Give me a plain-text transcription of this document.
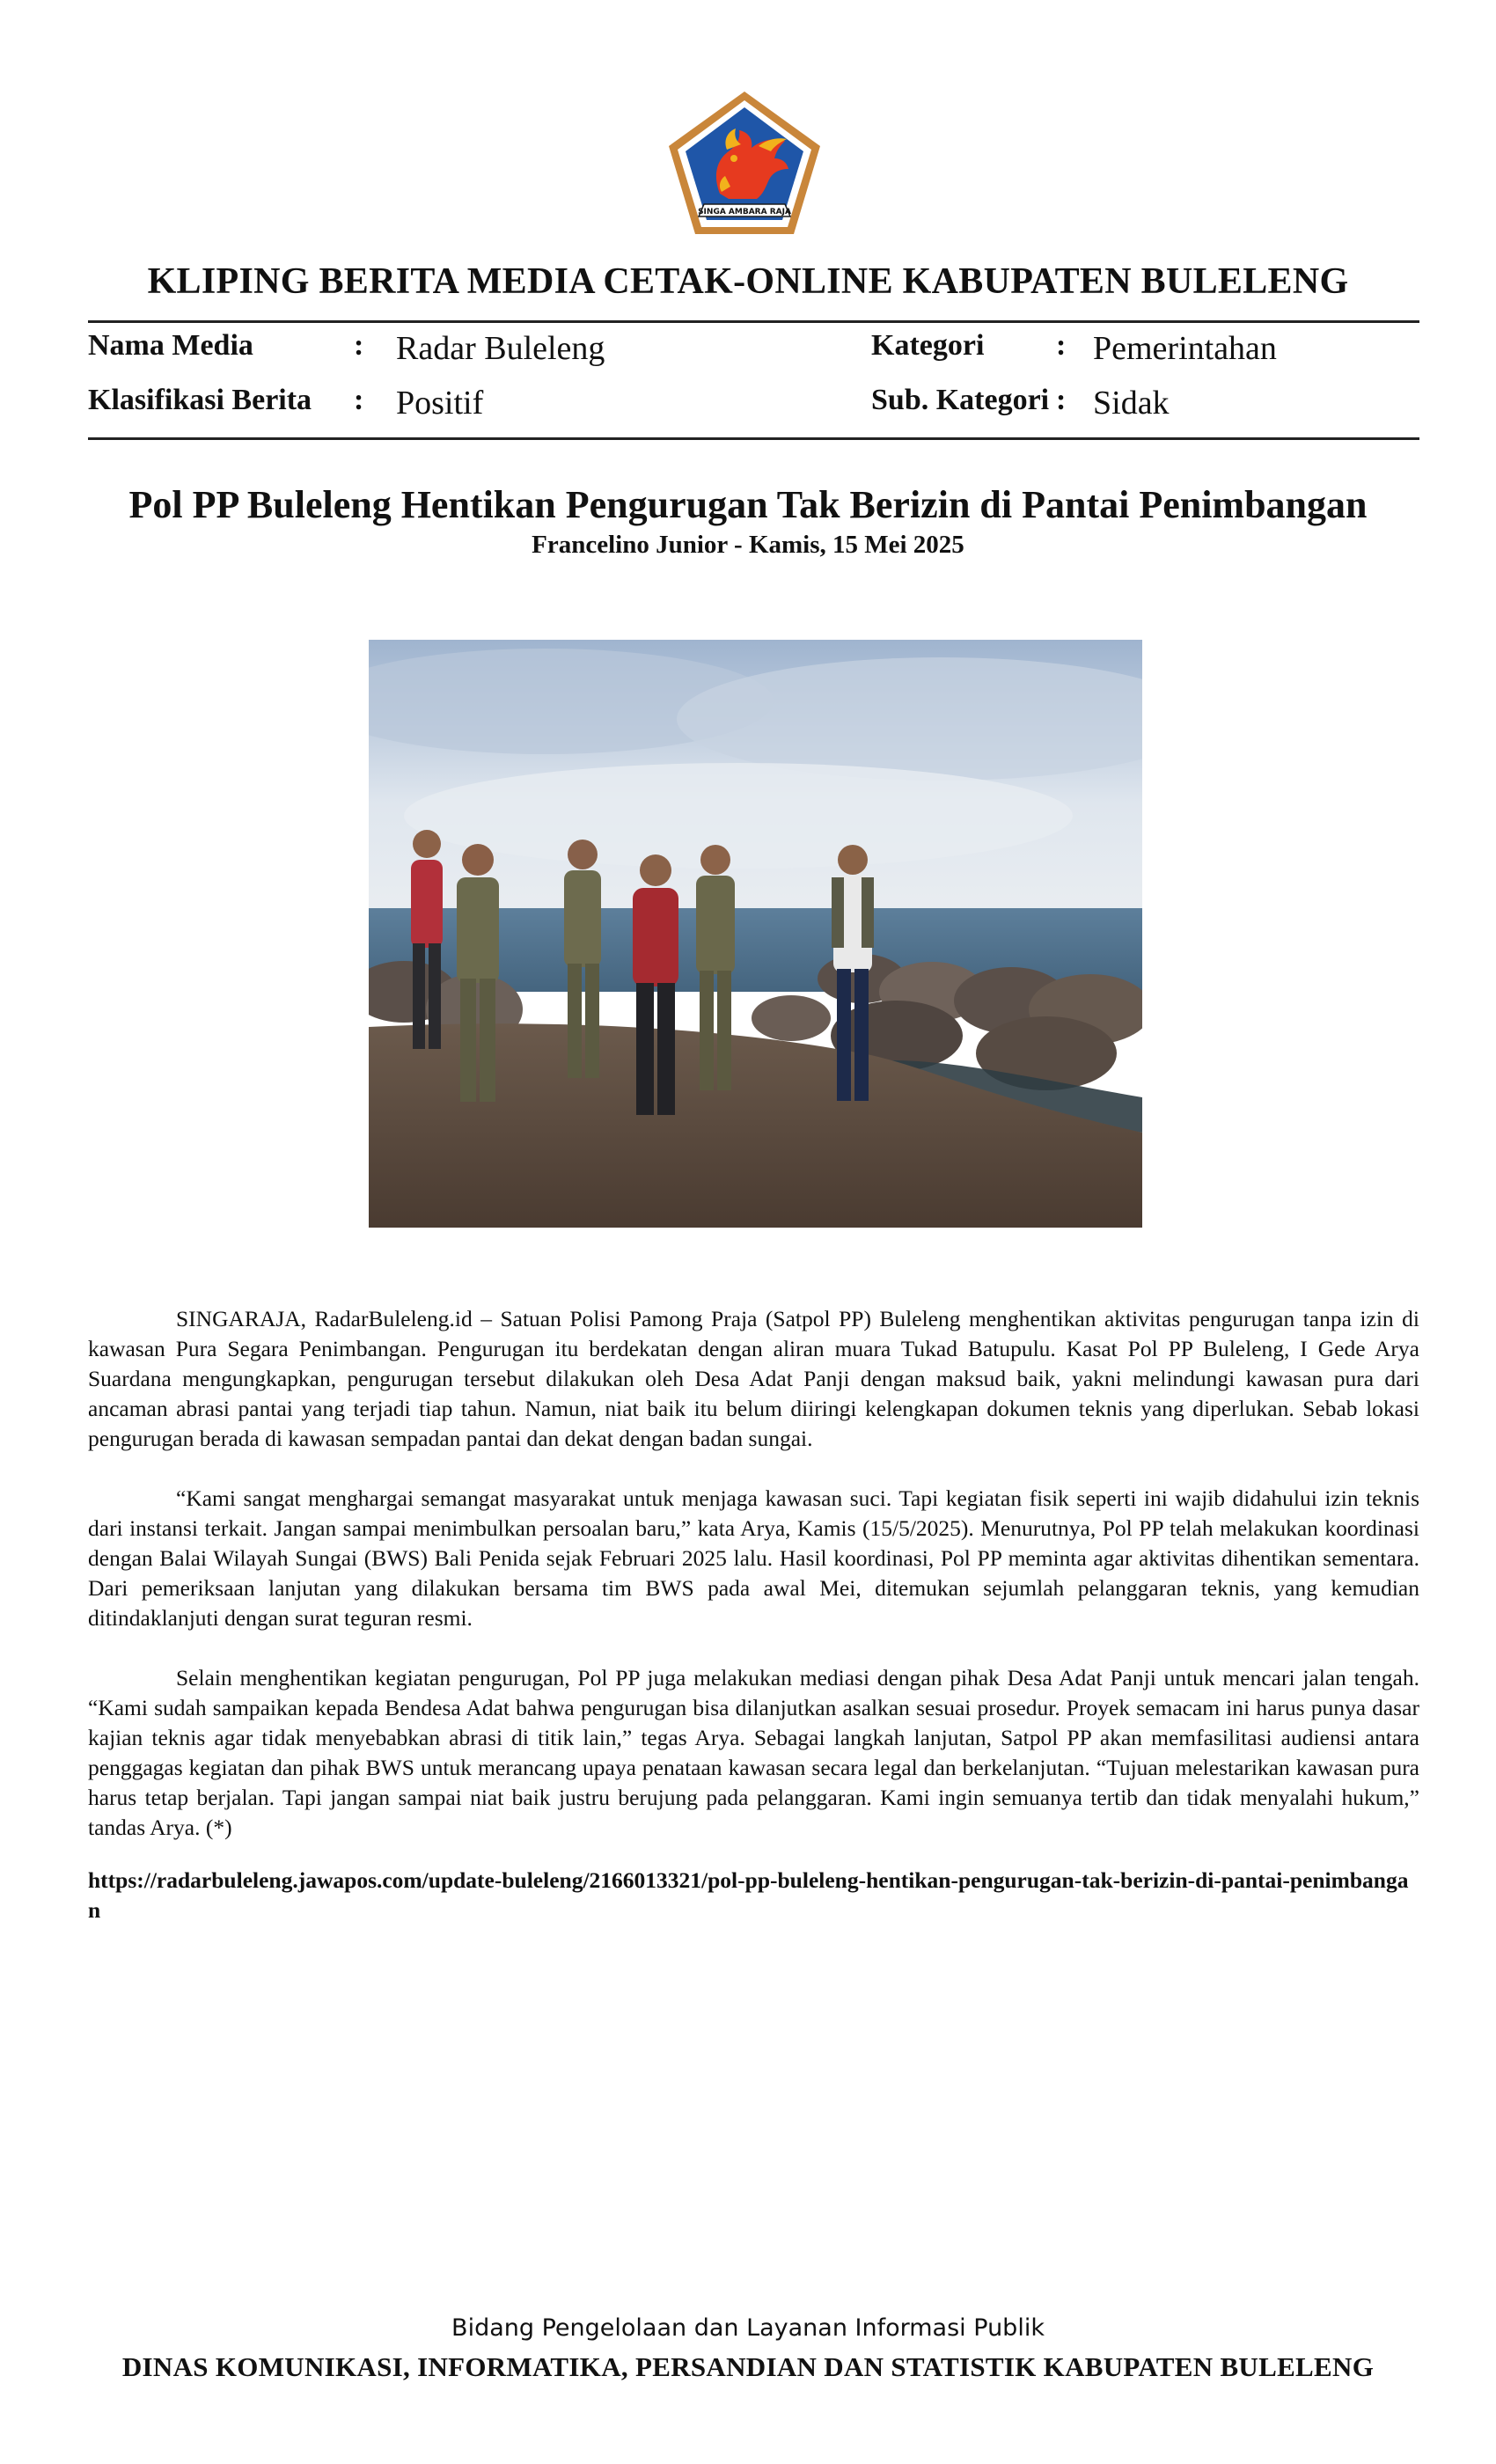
SINGA AMBARA RAJA
KLIPING BERITA MEDIA CETAK-ONLINE KABUPATEN BULELENG
Nama Media	: Radar Buleleng	Kategori : Pemerintahan
Klasifikasi Berita : Positif	Sub. Kategori : Sidak
Pol PP Buleleng Hentikan Pengurugan Tak Berizin di Pantai Penimbangan
Francelino Junior - Kamis, 15 Mei 2025

SINGARAJA, RadarBuleleng.id – Satuan Polisi Pamong Praja (Satpol PP) Buleleng menghentikan aktivitas pengurugan tanpa izin di kawasan Pura Segara Penimbangan. Pengurugan itu berdekatan dengan aliran muara Tukad Batupulu. Kasat Pol PP Buleleng, I Gede Arya Suardana mengungkapkan, pengurugan tersebut dilakukan oleh Desa Adat Panji dengan maksud baik, yakni melindungi kawasan pura dari ancaman abrasi pantai yang terjadi tiap tahun. Namun, niat baik itu belum diiringi kelengkapan dokumen teknis yang diperlukan. Sebab lokasi pengurugan berada di kawasan sempadan pantai dan dekat dengan badan sungai.

“Kami sangat menghargai semangat masyarakat untuk menjaga kawasan suci. Tapi kegiatan fisik seperti ini wajib didahului izin teknis dari instansi terkait. Jangan sampai menimbulkan persoalan baru,” kata Arya, Kamis (15/5/2025). Menurutnya, Pol PP telah melakukan koordinasi dengan Balai Wilayah Sungai (BWS) Bali Penida sejak Februari 2025 lalu. Hasil koordinasi, Pol PP meminta agar aktivitas dihentikan sementara. Dari pemeriksaan lanjutan yang dilakukan bersama tim BWS pada awal Mei, ditemukan sejumlah pelanggaran teknis, yang kemudian ditindaklanjuti dengan surat teguran resmi.

Selain menghentikan kegiatan pengurugan, Pol PP juga melakukan mediasi dengan pihak Desa Adat Panji untuk mencari jalan tengah. “Kami sudah sampaikan kepada Bendesa Adat bahwa pengurugan bisa dilanjutkan asalkan sesuai prosedur. Proyek semacam ini harus punya dasar kajian teknis agar tidak menyebabkan abrasi di titik lain,” tegas Arya. Sebagai langkah lanjutan, Satpol PP akan memfasilitasi audiensi antara penggagas kegiatan dan pihak BWS untuk merancang upaya penataan kawasan secara legal dan berkelanjutan. “Tujuan melestarikan kawasan pura harus tetap berjalan. Tapi jangan sampai niat baik justru berujung pada pelanggaran. Kami ingin semuanya tertib dan tidak menyalahi hukum,” tandas Arya. (*)

https://radarbuleleng.jawapos.com/update-buleleng/2166013321/pol-pp-buleleng-hentikan-pengurugan-tak-berizin-di-pantai-penimbangan
Bidang Pengelolaan dan Layanan Informasi Publik
DINAS KOMUNIKASI, INFORMATIKA, PERSANDIAN DAN STATISTIK KABUPATEN BULELENG
